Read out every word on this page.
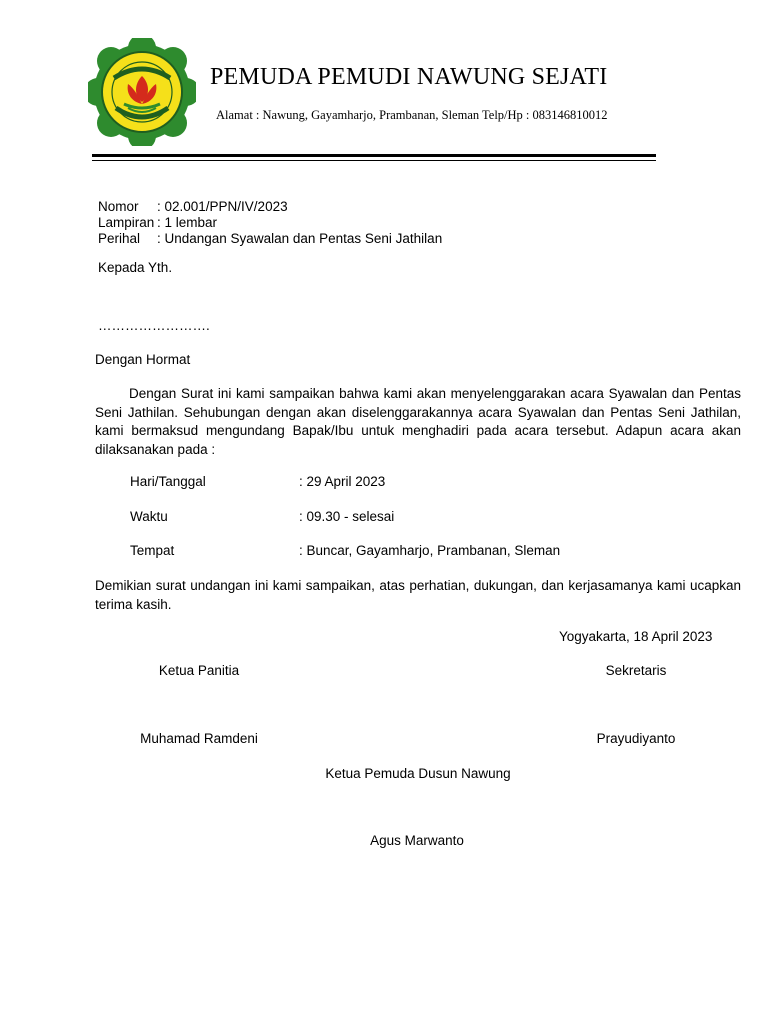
PEMUDA PEMUDI NAWUNG SEJATI
Alamat : Nawung, Gayamharjo, Prambanan, Sleman Telp/Hp : 083146810012
Nomor : 02.001/PPN/IV/2023
Lampiran : 1 lembar
Perihal : Undangan Syawalan dan Pentas Seni Jathilan
Kepada Yth.
…………………….
Dengan Hormat
Dengan Surat ini kami sampaikan bahwa kami akan menyelenggarakan acara Syawalan dan Pentas Seni Jathilan. Sehubungan dengan akan diselenggarakannya acara Syawalan dan Pentas Seni Jathilan, kami bermaksud mengundang Bapak/Ibu untuk menghadiri pada acara tersebut. Adapun acara akan dilaksanakan pada :
Hari/Tanggal	: 29 April 2023
Waktu	: 09.30 - selesai
Tempat	: Buncar, Gayamharjo, Prambanan, Sleman
Demikian surat undangan ini kami sampaikan, atas perhatian, dukungan, dan kerjasamanya kami ucapkan terima kasih.
Yogyakarta, 18 April 2023
Ketua Panitia	Sekretaris
Muhamad Ramdeni	Prayudiyanto
Ketua Pemuda Dusun Nawung
Agus Marwanto
